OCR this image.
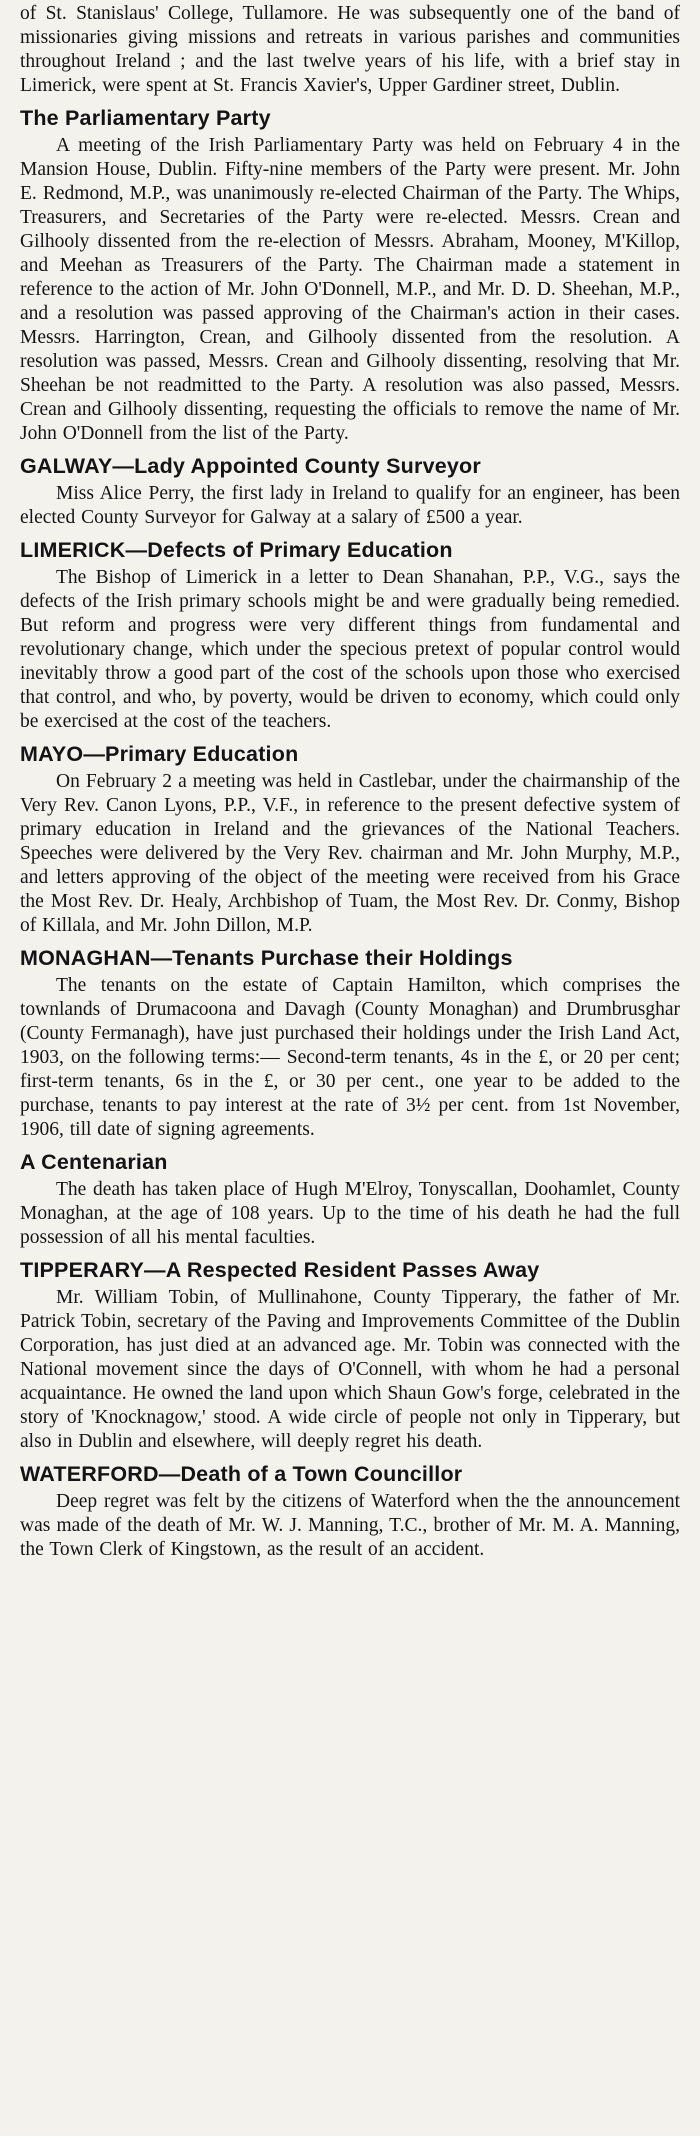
of St. Stanislaus' College, Tullamore. He was subsequently one of the band of missionaries giving missions and retreats in various parishes and communities throughout Ireland ; and the last twelve years of his life, with a brief stay in Limerick, were spent at St. Francis Xavier's, Upper Gardiner street, Dublin.

The Parliamentary Party

A meeting of the Irish Parliamentary Party was held on February 4 in the Mansion House, Dublin. Fifty-nine members of the Party were present. Mr. John E. Redmond, M.P., was unanimously re-elected Chairman of the Party. The Whips, Treasurers, and Secretaries of the Party were re-elected. Messrs. Crean and Gilhooly dissented from the re-election of Messrs. Abraham, Mooney, M'Killop, and Meehan as Treasurers of the Party. The Chairman made a statement in reference to the action of Mr. John O'Donnell, M.P., and Mr. D. D. Sheehan, M.P., and a resolution was passed approving of the Chairman's action in their cases. Messrs. Harrington, Crean, and Gilhooly dissented from the resolution. A resolution was passed, Messrs. Crean and Gilhooly dissenting, resolving that Mr. Sheehan be not readmitted to the Party. A resolution was also passed, Messrs. Crean and Gilhooly dissenting, requesting the officials to remove the name of Mr. John O'Donnell from the list of the Party.

GALWAY—Lady Appointed County Surveyor

Miss Alice Perry, the first lady in Ireland to qualify for an engineer, has been elected County Surveyor for Galway at a salary of £500 a year.

LIMERICK—Defects of Primary Education

The Bishop of Limerick in a letter to Dean Shanahan, P.P., V.G., says the defects of the Irish primary schools might be and were gradually being remedied. But reform and progress were very different things from fundamental and revolutionary change, which under the specious pretext of popular control would inevitably throw a good part of the cost of the schools upon those who exercised that control, and who, by poverty, would be driven to economy, which could only be exercised at the cost of the teachers.

MAYO—Primary Education

On February 2 a meeting was held in Castlebar, under the chairmanship of the Very Rev. Canon Lyons, P.P., V.F., in reference to the present defective system of primary education in Ireland and the grievances of the National Teachers. Speeches were delivered by the Very Rev. chairman and Mr. John Murphy, M.P., and letters approving of the object of the meeting were received from his Grace the Most Rev. Dr. Healy, Archbishop of Tuam, the Most Rev. Dr. Conmy, Bishop of Killala, and Mr. John Dillon, M.P.

MONAGHAN—Tenants Purchase their Holdings

The tenants on the estate of Captain Hamilton, which comprises the townlands of Drumacoona and Davagh (County Monaghan) and Drumbrusghar (County Fermanagh), have just purchased their holdings under the Irish Land Act, 1903, on the following terms:— Second-term tenants, 4s in the £, or 20 per cent; first-term tenants, 6s in the £, or 30 per cent., one year to be added to the purchase, tenants to pay interest at the rate of 3½ per cent. from 1st November, 1906, till date of signing agreements.

A Centenarian

The death has taken place of Hugh M'Elroy, Tonyscallan, Doohamlet, County Monaghan, at the age of 108 years. Up to the time of his death he had the full possession of all his mental faculties.

TIPPERARY—A Respected Resident Passes Away

Mr. William Tobin, of Mullinahone, County Tipperary, the father of Mr. Patrick Tobin, secretary of the Paving and Improvements Committee of the Dublin Corporation, has just died at an advanced age. Mr. Tobin was connected with the National movement since the days of O'Connell, with whom he had a personal acquaintance. He owned the land upon which Shaun Gow's forge, celebrated in the story of 'Knocknagow,' stood. A wide circle of people not only in Tipperary, but also in Dublin and elsewhere, will deeply regret his death.

WATERFORD—Death of a Town Councillor

Deep regret was felt by the citizens of Waterford when the the announcement was made of the death of Mr. W. J. Manning, T.C., brother of Mr. M. A. Manning, the Town Clerk of Kingstown, as the result of an accident.
